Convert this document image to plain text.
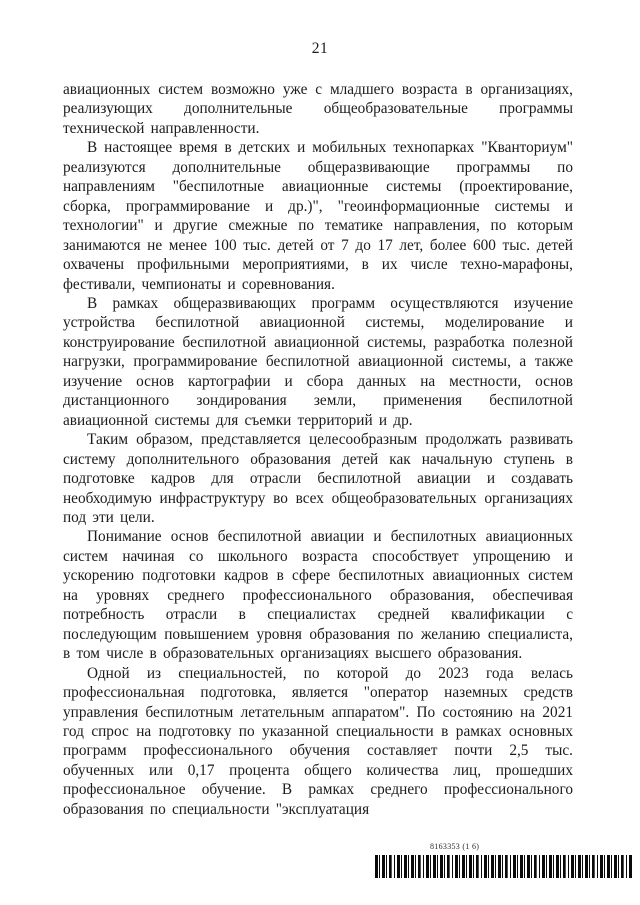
21

авиационных систем возможно уже с младшего возраста в организациях, реализующих дополнительные общеобразовательные программы технической направленности.

В настоящее время в детских и мобильных технопарках "Кванториум" реализуются дополнительные общеразвивающие программы по направлениям "беспилотные авиационные системы (проектирование, сборка, программирование и др.)", "геоинформационные системы и технологии" и другие смежные по тематике направления, по которым занимаются не менее 100 тыс. детей от 7 до 17 лет, более 600 тыс. детей охвачены профильными мероприятиями, в их числе техно-марафоны, фестивали, чемпионаты и соревнования.

В рамках общеразвивающих программ осуществляются изучение устройства беспилотной авиационной системы, моделирование и конструирование беспилотной авиационной системы, разработка полезной нагрузки, программирование беспилотной авиационной системы, а также изучение основ картографии и сбора данных на местности, основ дистанционного зондирования земли, применения беспилотной авиационной системы для съемки территорий и др.

Таким образом, представляется целесообразным продолжать развивать систему дополнительного образования детей как начальную ступень в подготовке кадров для отрасли беспилотной авиации и создавать необходимую инфраструктуру во всех общеобразовательных организациях под эти цели.

Понимание основ беспилотной авиации и беспилотных авиационных систем начиная со школьного возраста способствует упрощению и ускорению подготовки кадров в сфере беспилотных авиационных систем на уровнях среднего профессионального образования, обеспечивая потребность отрасли в специалистах средней квалификации с последующим повышением уровня образования по желанию специалиста, в том числе в образовательных организациях высшего образования.

Одной из специальностей, по которой до 2023 года велась профессиональная подготовка, является "оператор наземных средств управления беспилотным летательным аппаратом". По состоянию на 2021 год спрос на подготовку по указанной специальности в рамках основных программ профессионального обучения составляет почти 2,5 тыс. обученных или 0,17 процента общего количества лиц, прошедших профессиональное обучение. В рамках среднего профессионального образования по специальности "эксплуатация

8163353 (1 6)
